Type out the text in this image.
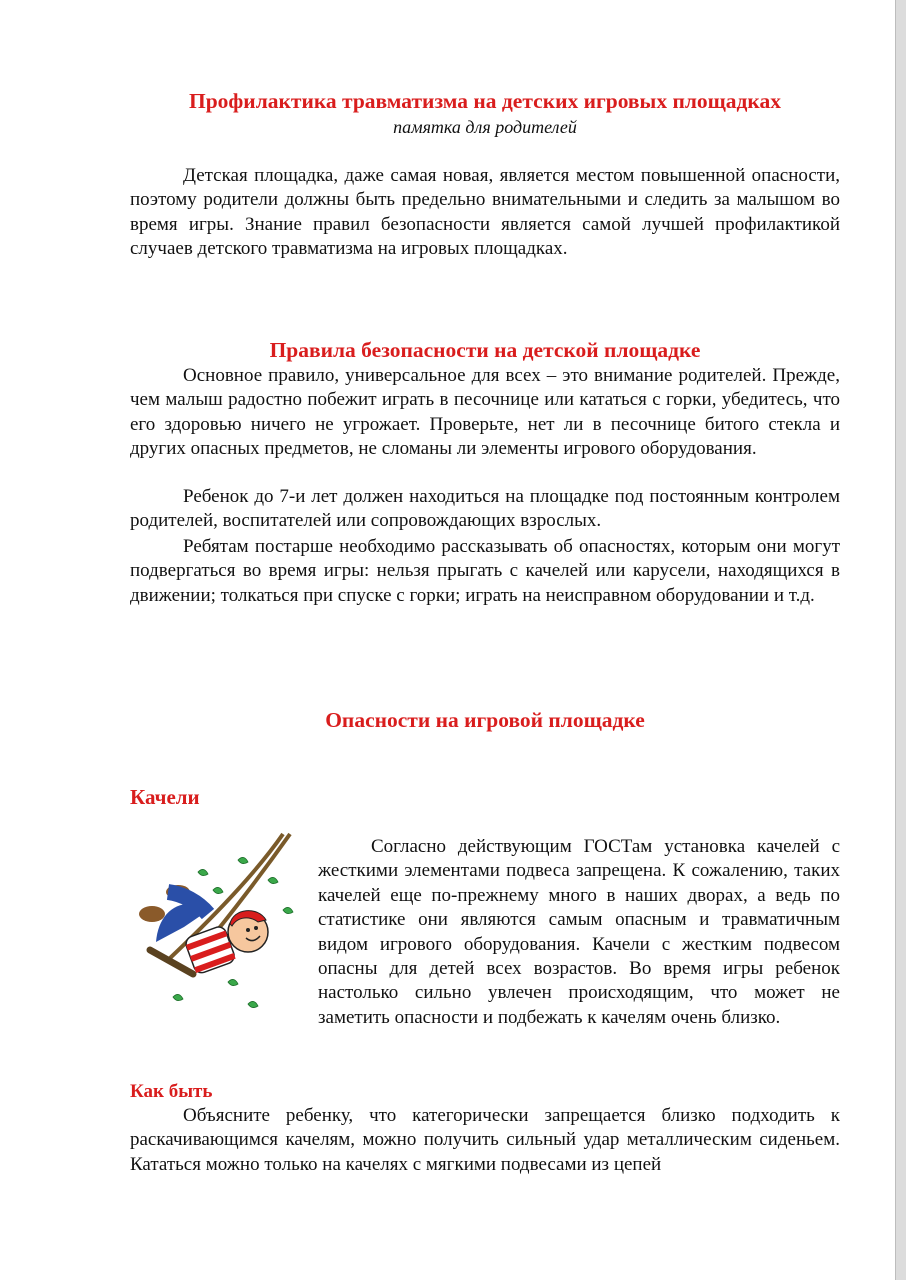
Профилактика травматизма на детских игровых площадках
памятка для родителей

Детская площадка, даже самая новая, является местом повышенной опасности, поэтому родители должны быть предельно внимательными и следить за малышом во время игры. Знание правил безопасности является самой лучшей профилактикой случаев детского травматизма на игровых площадках.

Правила безопасности на детской площадке

Основное правило, универсальное для всех – это внимание родителей. Прежде, чем малыш радостно побежит играть в песочнице или кататься с горки, убедитесь, что его здоровью ничего не угрожает. Проверьте, нет ли в песочнице битого стекла и других опасных предметов, не сломаны ли элементы игрового оборудования.

Ребенок до 7-и лет должен находиться на площадке под постоянным контролем родителей, воспитателей или сопровождающих взрослых.

Ребятам постарше необходимо рассказывать об опасностях, которым они могут подвергаться во время игры: нельзя прыгать с качелей или карусели, находящихся в движении; толкаться при спуске с горки; играть на неисправном оборудовании и т.д.

Опасности на игровой площадке
Качели

Согласно действующим ГОСТам установка качелей с жесткими элементами подвеса запрещена. К сожалению, таких качелей еще по-прежнему много в наших дворах, а ведь по статистике они являются самым опасным и травматичным видом игрового оборудования. Качели с жестким подвесом опасны для детей всех возрастов. Во время игры ребенок настолько сильно увлечен происходящим, что может не заметить опасности и подбежать к качелям очень близко.

Как быть

Объясните ребенку, что категорически запрещается близко подходить к раскачивающимся качелям, можно получить сильный удар металлическим сиденьем. Кататься можно только на качелях с мягкими подвесами из цепей
